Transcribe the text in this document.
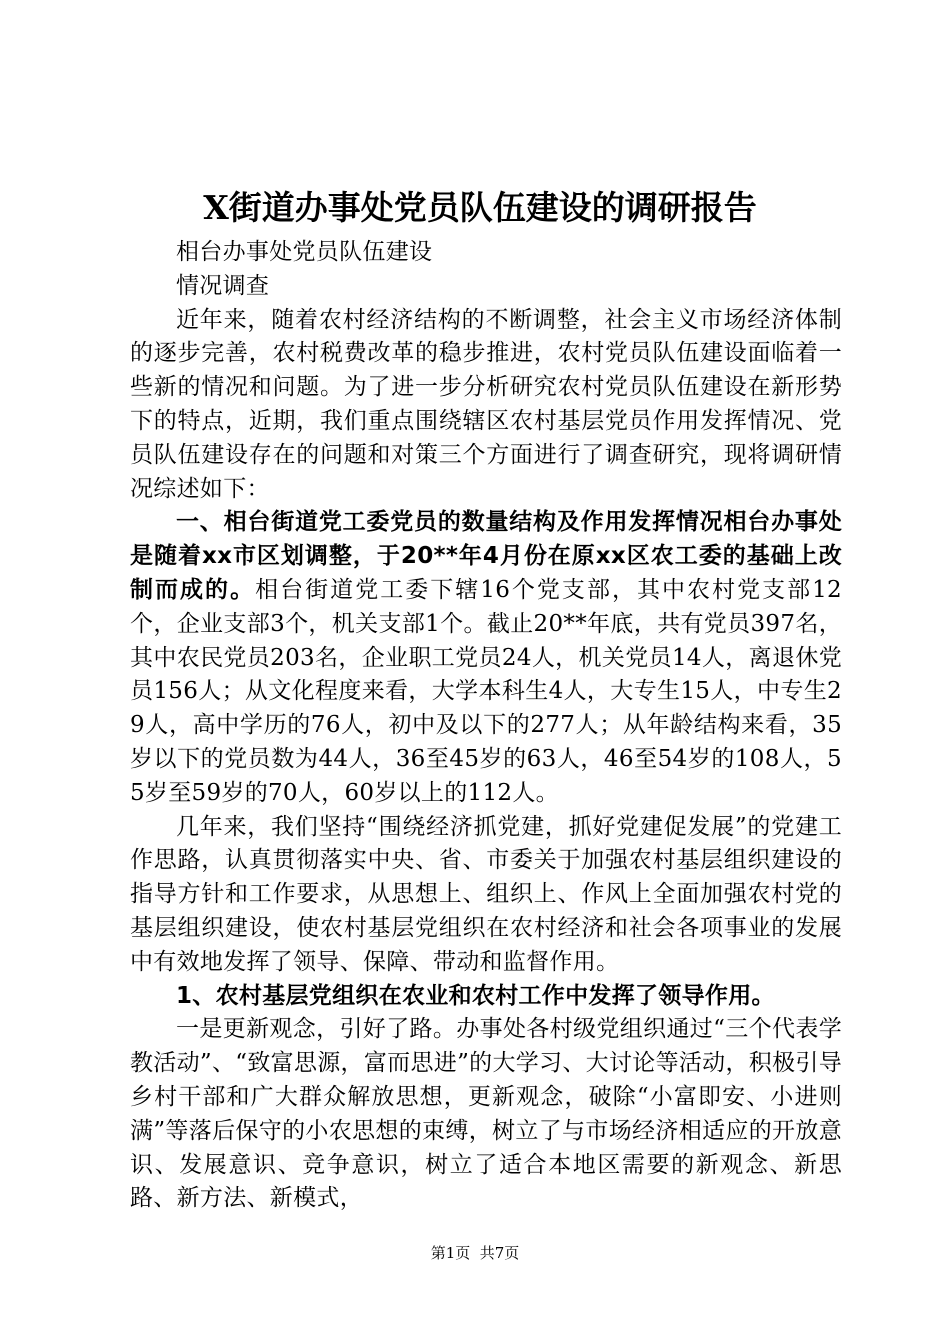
X街道办事处党员队伍建设的调研报告

相台办事处党员队伍建设

情况调查

近年来，随着农村经济结构的不断调整，社会主义市场经济体制的逐步完善，农村税费改革的稳步推进，农村党员队伍建设面临着一些新的情况和问题。为了进一步分析研究农村党员队伍建设在新形势下的特点，近期，我们重点围绕辖区农村基层党员作用发挥情况、党员队伍建设存在的问题和对策三个方面进行了调查研究，现将调研情况综述如下：

一、相台街道党工委党员的数量结构及作用发挥情况相台办事处是随着xx市区划调整，于20**年4月份在原xx区农工委的基础上改制而成的。相台街道党工委下辖16个党支部，其中农村党支部12个，企业支部3个，机关支部1个。截止20**年底，共有党员397名，其中农民党员203名，企业职工党员24人，机关党员14人，离退休党员156人；从文化程度来看，大学本科生4人，大专生15人，中专生29人，高中学历的76人，初中及以下的277人；从年龄结构来看，35岁以下的党员数为44人，36至45岁的63人，46至54岁的108人，55岁至59岁的70人，60岁以上的112人。

几年来，我们坚持“围绕经济抓党建，抓好党建促发展”的党建工作思路，认真贯彻落实中央、省、市委关于加强农村基层组织建设的指导方针和工作要求，从思想上、组织上、作风上全面加强农村党的基层组织建设，使农村基层党组织在农村经济和社会各项事业的发展中有效地发挥了领导、保障、带动和监督作用。

1、农村基层党组织在农业和农村工作中发挥了领导作用。

一是更新观念，引好了路。办事处各村级党组织通过“三个代表学教活动”、“致富思源，富而思进”的大学习、大讨论等活动，积极引导乡村干部和广大群众解放思想，更新观念，破除“小富即安、小进则满”等落后保守的小农思想的束缚，树立了与市场经济相适应的开放意识、发展意识、竞争意识，树立了适合本地区需要的新观念、新思路、新方法、新模式，

第1页  共7页
